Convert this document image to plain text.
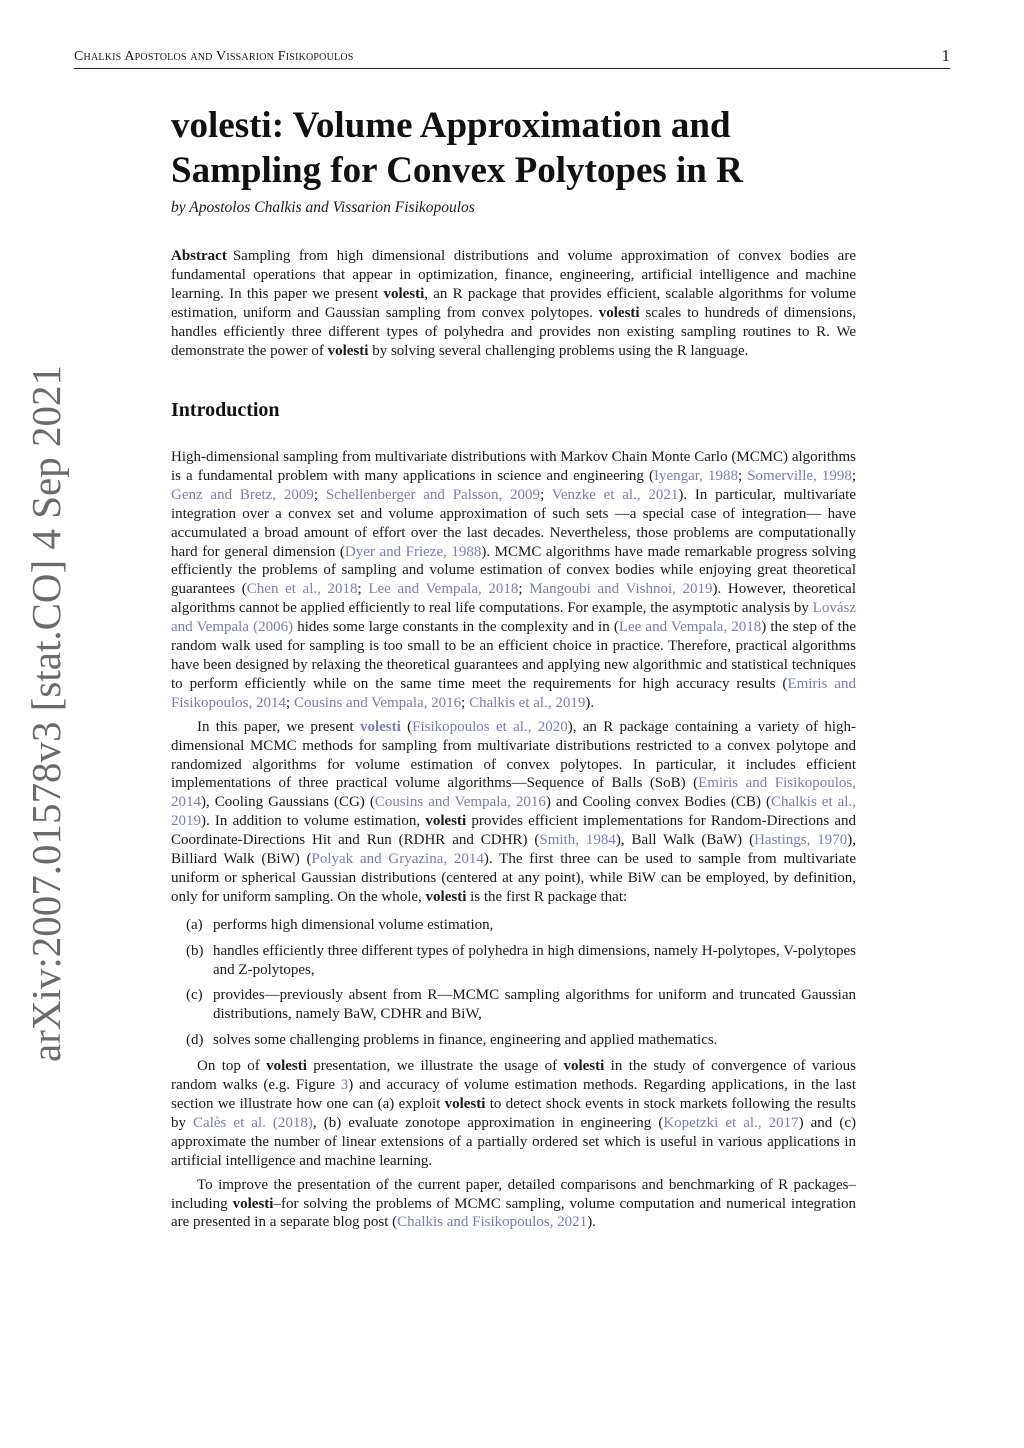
Chalkis Apostolos and Vissarion Fisikopoulos	1
arXiv:2007.01578v3 [stat.CO] 4 Sep 2021
volesti: Volume Approximation and
Sampling for Convex Polytopes in R
by Apostolos Chalkis and Vissarion Fisikopoulos
Abstract Sampling from high dimensional distributions and volume approximation of convex bodies are fundamental operations that appear in optimization, finance, engineering, artificial intelligence and machine learning. In this paper we present volesti, an R package that provides efficient, scalable algorithms for volume estimation, uniform and Gaussian sampling from convex polytopes. volesti scales to hundreds of dimensions, handles efficiently three different types of polyhedra and provides non existing sampling routines to R. We demonstrate the power of volesti by solving several challenging problems using the R language.
Introduction

High-dimensional sampling from multivariate distributions with Markov Chain Monte Carlo (MCMC) algorithms is a fundamental problem with many applications in science and engineering (Iyengar, 1988; Somerville, 1998; Genz and Bretz, 2009; Schellenberger and Palsson, 2009; Venzke et al., 2021). In particular, multivariate integration over a convex set and volume approximation of such sets —a special case of integration— have accumulated a broad amount of effort over the last decades. Nevertheless, those problems are computationally hard for general dimension (Dyer and Frieze, 1988). MCMC algorithms have made remarkable progress solving efficiently the problems of sampling and volume estimation of convex bodies while enjoying great theoretical guarantees (Chen et al., 2018; Lee and Vempala, 2018; Mangoubi and Vishnoi, 2019). However, theoretical algorithms cannot be applied efficiently to real life computations. For example, the asymptotic analysis by Lovász and Vempala (2006) hides some large constants in the complexity and in (Lee and Vempala, 2018) the step of the random walk used for sampling is too small to be an efficient choice in practice. Therefore, practical algorithms have been designed by relaxing the theoretical guarantees and applying new algorithmic and statistical techniques to perform efficiently while on the same time meet the requirements for high accuracy results (Emiris and Fisikopoulos, 2014; Cousins and Vempala, 2016; Chalkis et al., 2019).

In this paper, we present volesti (Fisikopoulos et al., 2020), an R package containing a variety of high-dimensional MCMC methods for sampling from multivariate distributions restricted to a convex polytope and randomized algorithms for volume estimation of convex polytopes. In particular, it includes efficient implementations of three practical volume algorithms—Sequence of Balls (SoB) (Emiris and Fisikopoulos, 2014), Cooling Gaussians (CG) (Cousins and Vempala, 2016) and Cooling convex Bodies (CB) (Chalkis et al., 2019). In addition to volume estimation, volesti provides efficient implementations for Random-Directions and Coordinate-Directions Hit and Run (RDHR and CDHR) (Smith, 1984), Ball Walk (BaW) (Hastings, 1970), Billiard Walk (BiW) (Polyak and Gryazina, 2014). The first three can be used to sample from multivariate uniform or spherical Gaussian distributions (centered at any point), while BiW can be employed, by definition, only for uniform sampling. On the whole, volesti is the first R package that:

(a) performs high dimensional volume estimation,
(b) handles efficiently three different types of polyhedra in high dimensions, namely H-polytopes, V-polytopes and Z-polytopes,
(c) provides—previously absent from R—MCMC sampling algorithms for uniform and truncated Gaussian distributions, namely BaW, CDHR and BiW,
(d) solves some challenging problems in finance, engineering and applied mathematics.

On top of volesti presentation, we illustrate the usage of volesti in the study of convergence of various random walks (e.g. Figure 3) and accuracy of volume estimation methods. Regarding applications, in the last section we illustrate how one can (a) exploit volesti to detect shock events in stock markets following the results by Calès et al. (2018), (b) evaluate zonotope approximation in engineering (Kopetzki et al., 2017) and (c) approximate the number of linear extensions of a partially ordered set which is useful in various applications in artificial intelligence and machine learning.

To improve the presentation of the current paper, detailed comparisons and benchmarking of R packages–including volesti–for solving the problems of MCMC sampling, volume computation and numerical integration are presented in a separate blog post (Chalkis and Fisikopoulos, 2021).
